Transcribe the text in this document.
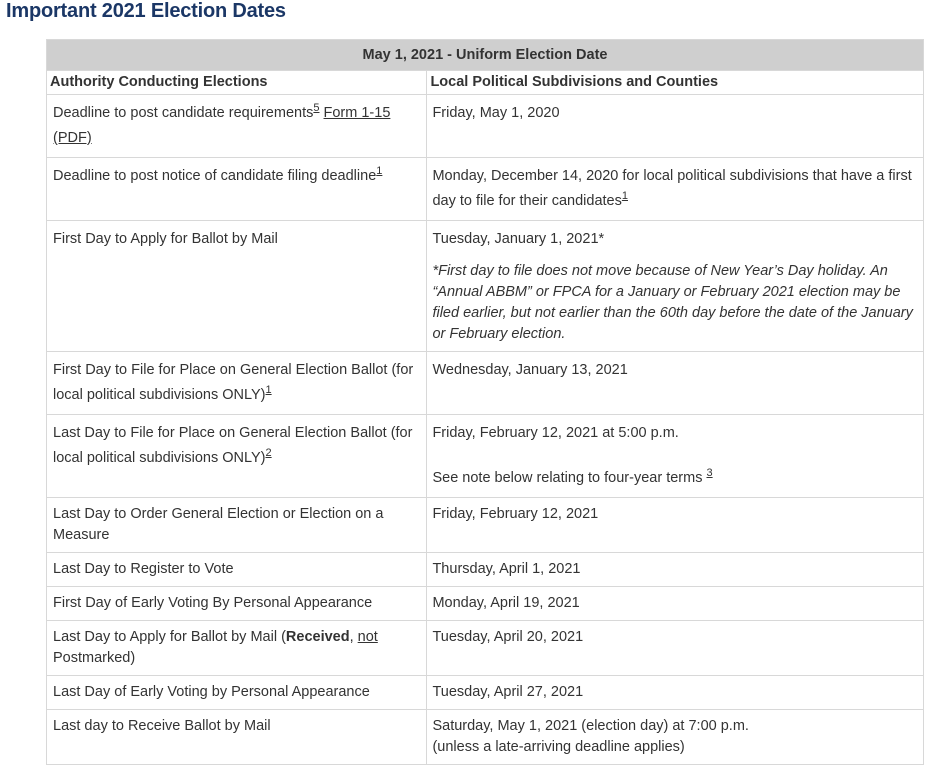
Important 2021 Election Dates
May 1, 2021 - Uniform Election Date	
Authority Conducting Elections	Local Political Subdivisions and Counties
Deadline to post candidate requirements$^5$ Form 1-15 (PDF)	Friday, May 1, 2020
Deadline to post notice of candidate filing deadline$^1$	Monday, December 14, 2020 for local political subdivisions that have a first day to file for their candidates$^1$
First Day to Apply for Ballot by Mail	Tuesday, January 1, 2021*
*First day to file does not move because of New Year’s Day holiday. An “Annual ABBM” or FPCA for a January or February 2021 election may be filed earlier, but not earlier than the 60th day before the date of the January or February election.

First Day to File for Place on General Election Ballot (for local political subdivisions ONLY)$^1$	Wednesday, January 13, 2021
Last Day to File for Place on General Election Ballot (for local political subdivisions ONLY)$^2$	Friday, February 12, 2021 at 5:00 p.m.
See note below relating to four-year terms $^3$

Last Day to Order General Election or Election on a Measure	Friday, February 12, 2021
Last Day to Register to Vote	Thursday, April 1, 2021
First Day of Early Voting By Personal Appearance	Monday, April 19, 2021
Last Day to Apply for Ballot by Mail (Received, not Postmarked)	Tuesday, April 20, 2021
Last Day of Early Voting by Personal Appearance	Tuesday, April 27, 2021
Last day to Receive Ballot by Mail	Saturday, May 1, 2021 (election day) at 7:00 p.m. (unless a late-arriving deadline applies)
